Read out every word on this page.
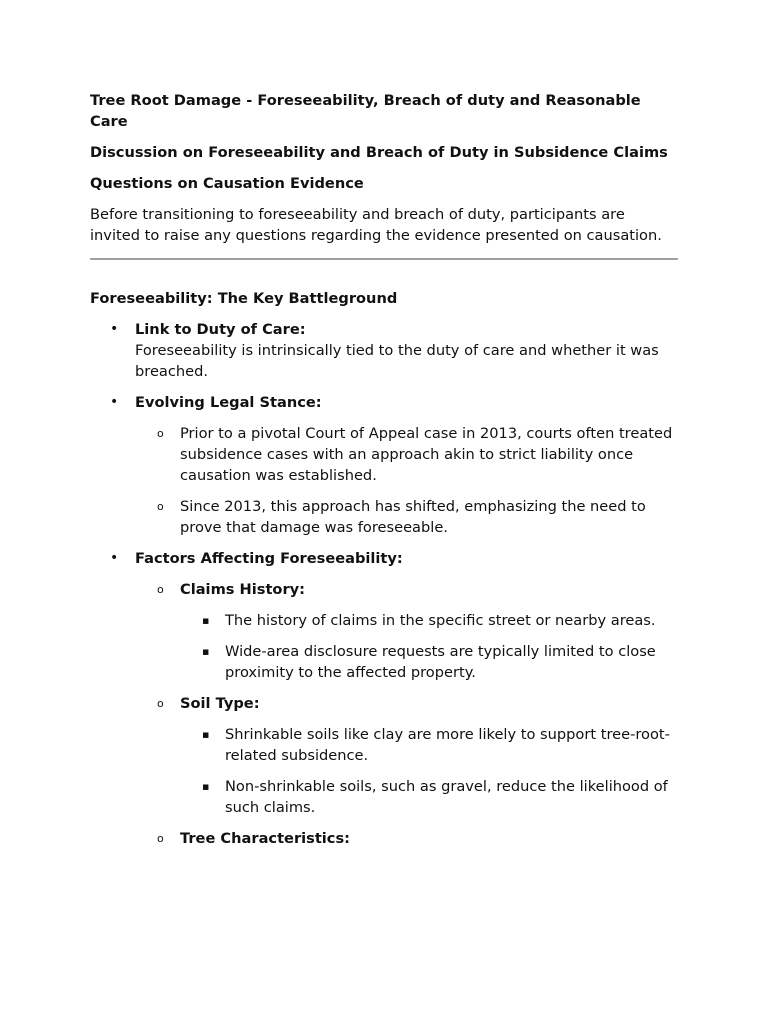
Tree Root Damage - Foreseeability, Breach of duty and Reasonable Care
Discussion on Foreseeability and Breach of Duty in Subsidence Claims
Questions on Causation Evidence
Before transitioning to foreseeability and breach of duty, participants are invited to raise any questions regarding the evidence presented on causation.
Foreseeability: The Key Battleground
• Link to Duty of Care:
Foreseeability is intrinsically tied to the duty of care and whether it was breached.
• Evolving Legal Stance:
o Prior to a pivotal Court of Appeal case in 2013, courts often treated subsidence cases with an approach akin to strict liability once causation was established.
o Since 2013, this approach has shifted, emphasizing the need to prove that damage was foreseeable.
• Factors Affecting Foreseeability:
o Claims History:
▪ The history of claims in the specific street or nearby areas.
▪ Wide-area disclosure requests are typically limited to close proximity to the affected property.
o Soil Type:
▪ Shrinkable soils like clay are more likely to support tree-root-related subsidence.
▪ Non-shrinkable soils, such as gravel, reduce the likelihood of such claims.
o Tree Characteristics:
